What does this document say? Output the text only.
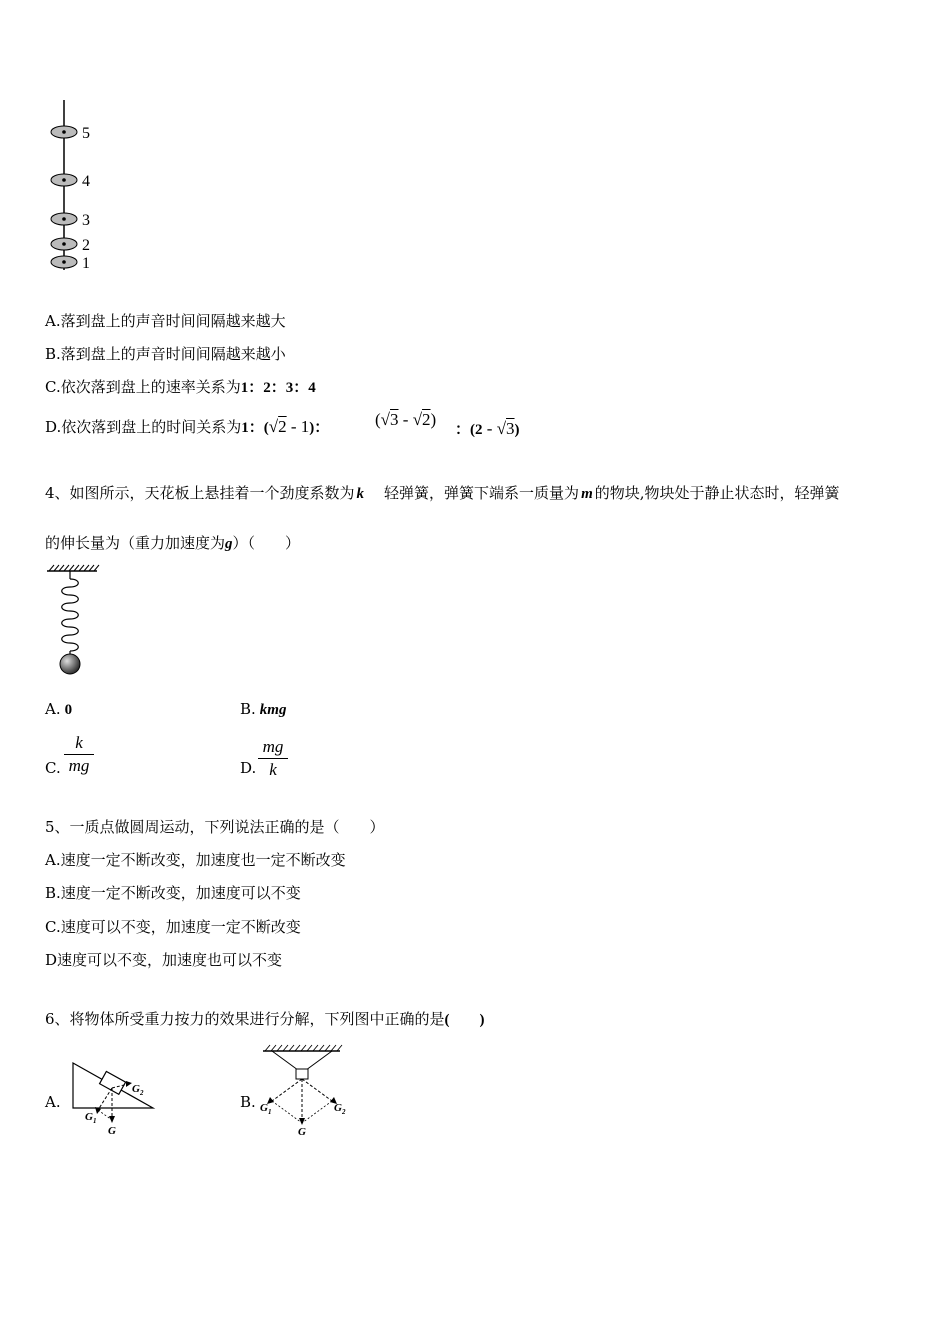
5
4
3
2
1
A.落到盘上的声音时间间隔越来越大
B.落到盘上的声音时间间隔越来越小
C.依次落到盘上的速率关系为1：2：3：4
D.依次落到盘上的时间关系为1：(√2 - 1)：	(√3 - √2)
：(2 - √3)
4、如图所示，天花板上悬挂着一个劲度系数为 k 轻弹簧，弹簧下端系一质量为 m 的物块,物块处于静止状态时，轻弹簧
的伸长量为（重力加速度为g）（　　）
A. 0	B. kmg
C.
k
mg	D.
mg
k
5、一质点做圆周运动，下列说法正确的是（　　）
A.速度一定不断改变，加速度也一定不断改变
B.速度一定不断改变，加速度可以不变
C.速度可以不变，加速度一定不断改变
D速度可以不变，加速度也可以不变
6、将物体所受重力按力的效果进行分解，下列图中正确的是(　　)
A.
G
$G_1$
$G_2$	B.
G
$G_1$	$G_2$
